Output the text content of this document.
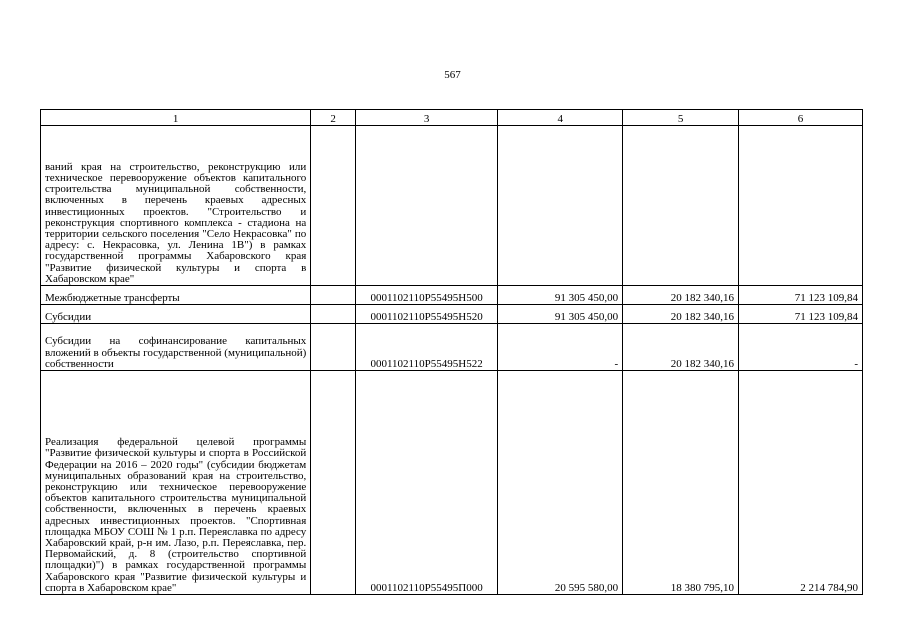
567
1	2	3	4	5	6
ваний края на строительство, реконструкцию или техническое перевооружение объектов капитального строительства муниципальной собственности, включенных в перечень краевых адресных инвестиционных проектов. "Строительство и реконструкция спортивного комплекса - стадиона на территории сельского поселения "Село Некрасовка" по адресу: с. Некрасовка, ул. Ленина 1В") в рамках государственной программы Хабаровского края "Развитие физической культуры и спорта в Хабаровском крае"					
Межбюджетные трансферты		0001102110P55495H500	91 305 450,00	20 182 340,16	71 123 109,84
Субсидии		0001102110P55495H520	91 305 450,00	20 182 340,16	71 123 109,84
Субсидии на софинансирование капитальных вложений в объекты государственной (муниципальной) собственности		0001102110P55495H522	-	20 182 340,16	-
Реализация федеральной целевой программы "Развитие физической культуры и спорта в Российской Федерации на 2016 – 2020 годы" (субсидии бюджетам муниципальных образований края на строительство, реконструкцию или техническое перевооружение объектов капитального строительства муниципальной собственности, включенных в перечень краевых адресных инвестиционных проектов. "Спортивная площадка МБОУ СОШ № 1 р.п. Переяславка по адресу Хабаровский край, р-н им. Лазо, р.п. Переяславка, пер. Первомайский, д. 8 (строительство спортивной площадки)") в рамках государственной программы Хабаровского края "Развитие физической культуры и спорта в Хабаровском крае"		0001102110P55495П000	20 595 580,00	18 380 795,10	2 214 784,90
